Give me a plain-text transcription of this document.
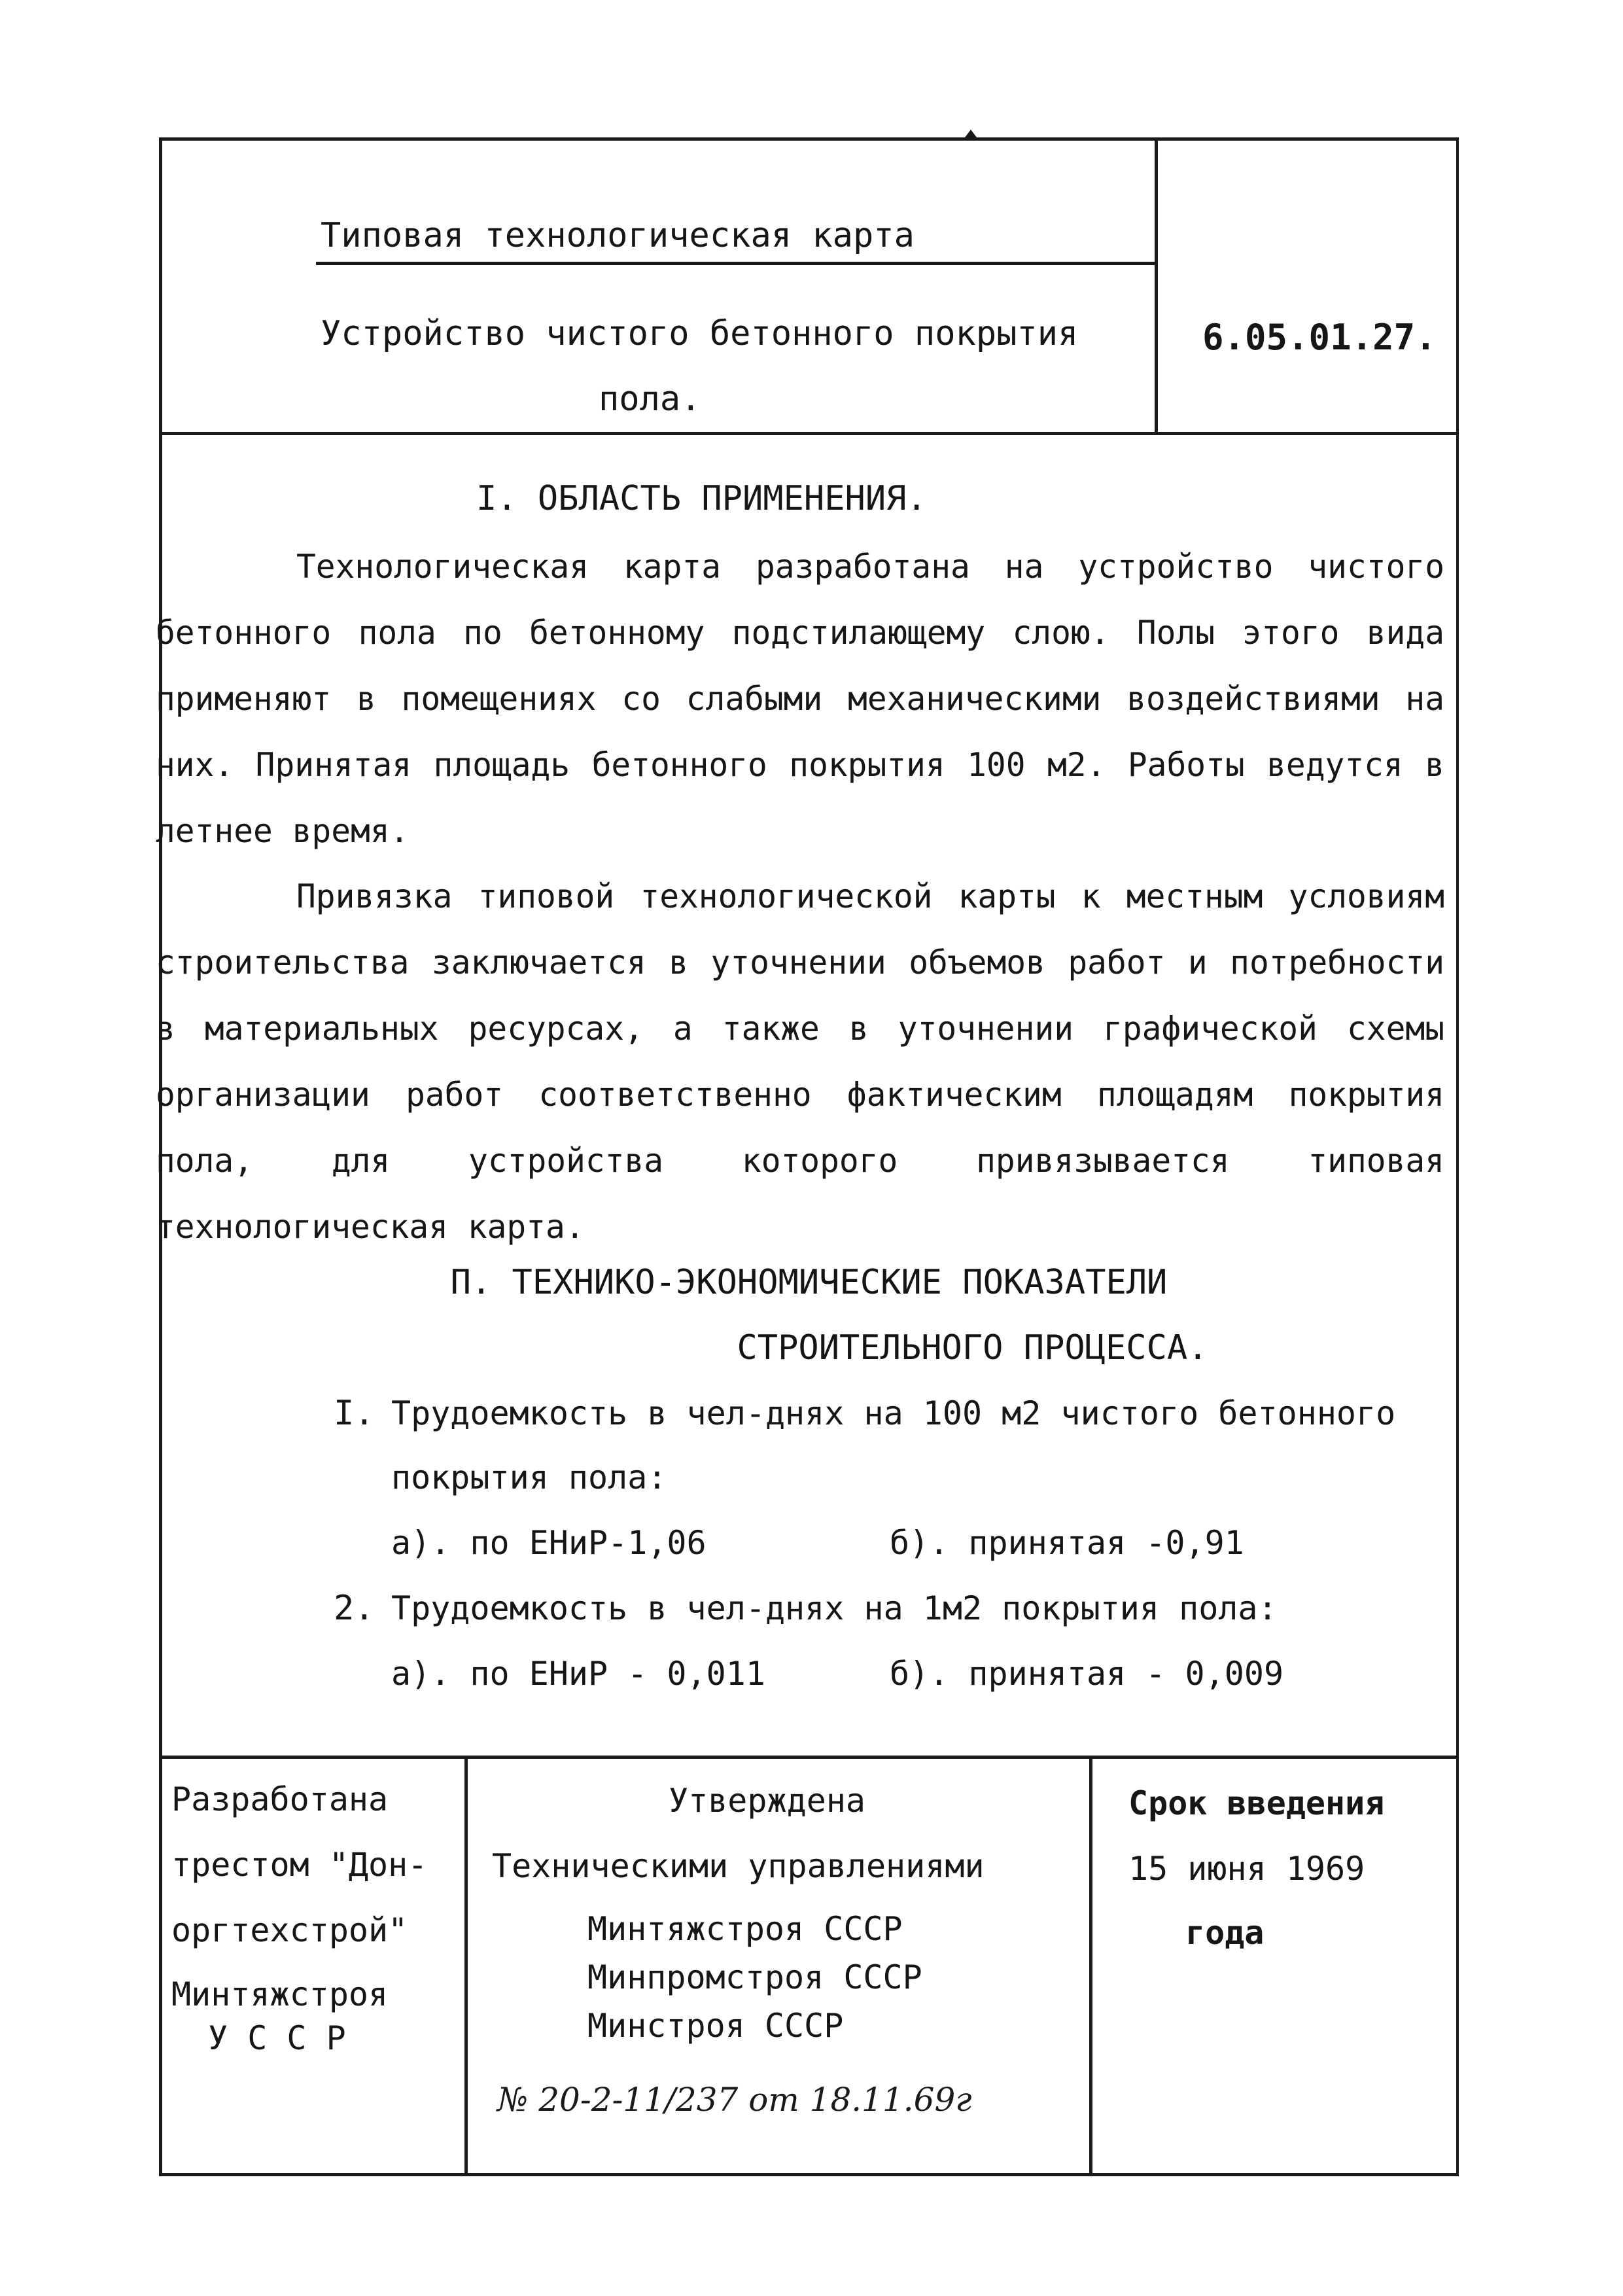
Типовая технологическая карта
Устройство чистого бетонного покрытия
пола.
6.05.01.27.
I. ОБЛАСТЬ ПРИМЕНЕНИЯ.
Технологическая карта разработана на устройство чистого бетонного пола по бетонному подстилающему слою. Полы этого вида применяют в помещениях со слабыми механическими воздействиями на них. Принятая площадь бетонного покрытия 100 м2. Работы ведутся в летнее время.
Привязка типовой технологической карты к местным условиям строительства заключается в уточнении объемов работ и потребности в материальных ресурсах, а также в уточнении графической схемы организации работ соответственно фактическим площадям покрытия пола, для устройства которого привязывается типовая технологическая карта.
П. ТЕХНИКО-ЭКОНОМИЧЕСКИЕ ПОКАЗАТЕЛИ
СТРОИТЕЛЬНОГО ПРОЦЕССА.
I. Трудоемкость в чел-днях на 100 м2 чистого бетонного
покрытия пола:
а). по ЕНиР-1,06	б). принятая -0,91
2. Трудоемкость в чел-днях на 1м2 покрытия пола:
а). по ЕНиР - 0,011	б). принятая - 0,009
Разработана
трестом "Дон-
оргтехстрой"
Минтяжстроя
У С С Р
Утверждена
Техническими управлениями
Минтяжстроя СССР
Минпромстроя СССР
Минстроя СССР
№ 20-2-11/237 от 18.11.69г
Срок введения
15 июня 1969
года
